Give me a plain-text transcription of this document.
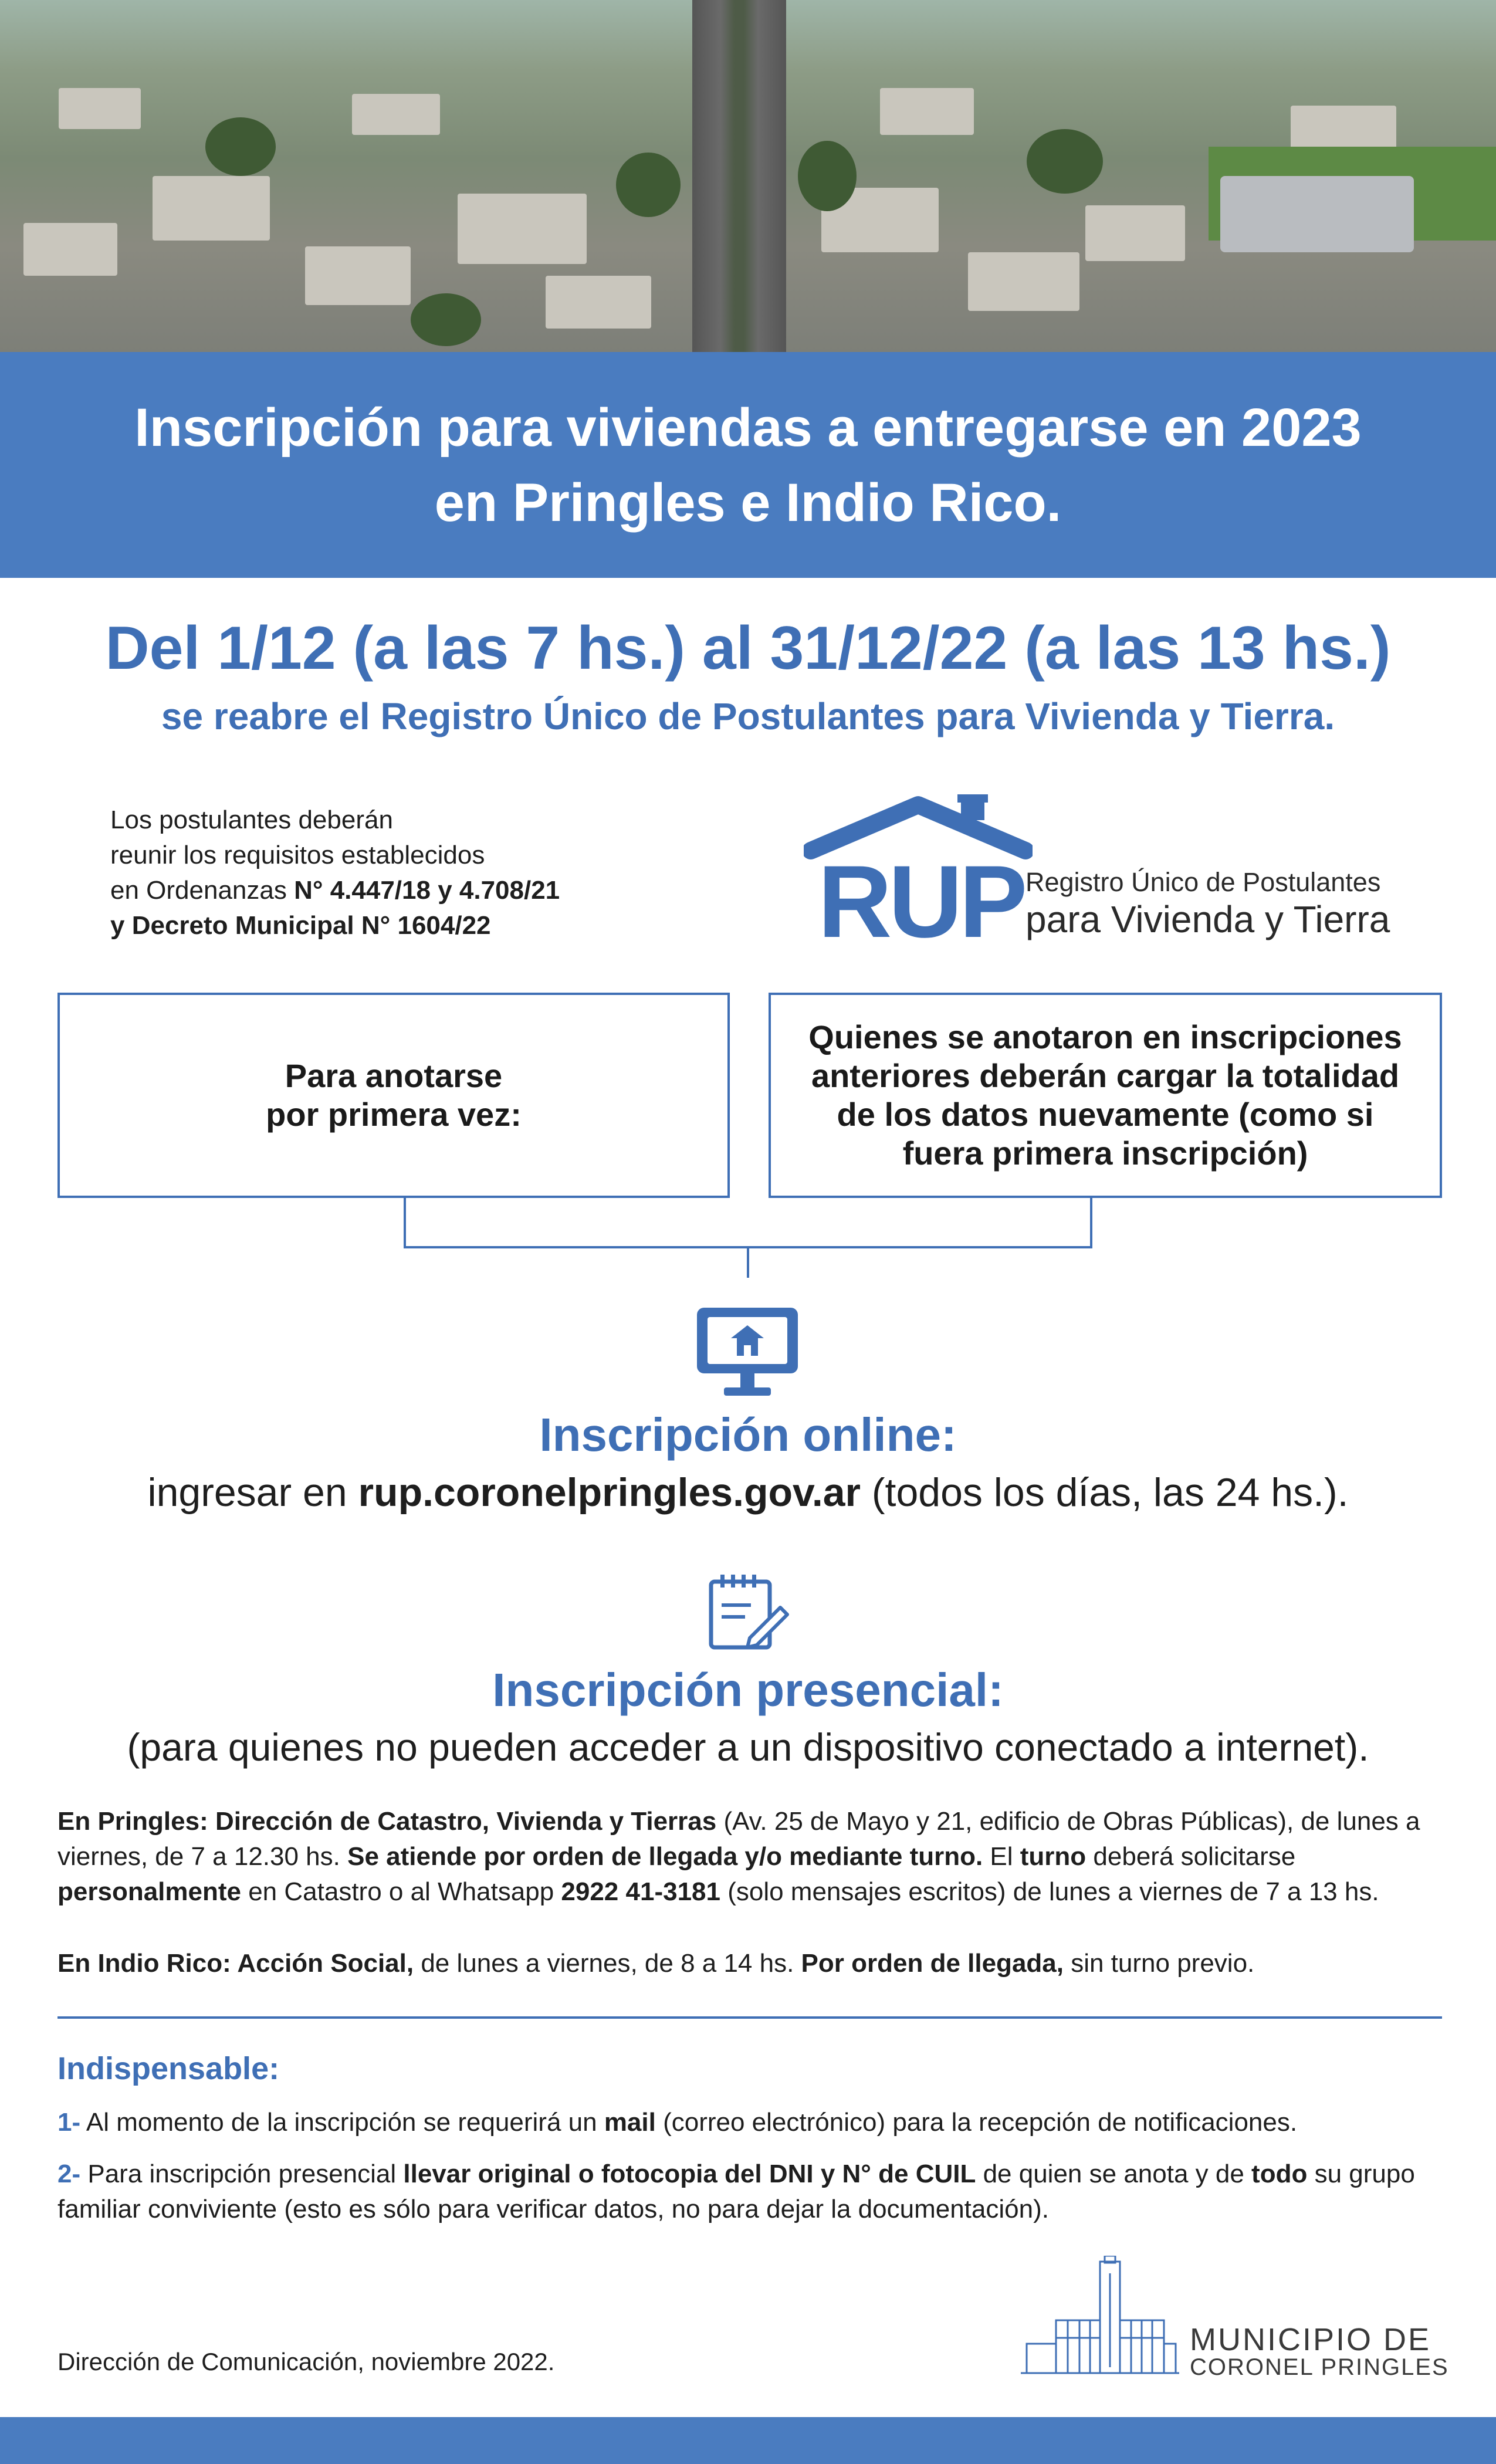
Inscripción para viviendas a entregarse en 2023
en Pringles e Indio Rico.
Del 1/12 (a las 7 hs.) al 31/12/22 (a las 13 hs.)
se reabre el Registro Único de Postulantes para Vivienda y Tierra.
Los postulantes deberán
reunir los requisitos establecidos
en Ordenanzas N° 4.447/18 y 4.708/21
y Decreto Municipal N° 1604/22	RUP Registro Único de Postulantes
para Vivienda y Tierra
Para anotarse
por primera vez:
Quienes se anotaron en inscripciones anteriores deberán cargar la totalidad de los datos nuevamente (como si fuera primera inscripción)
Inscripción online:
ingresar en rup.coronelpringles.gov.ar (todos los días, las 24 hs.).
Inscripción presencial:
(para quienes no pueden acceder a un dispositivo conectado a internet).
En Pringles: Dirección de Catastro, Vivienda y Tierras (Av. 25 de Mayo y 21, edificio de Obras Públicas), de lunes a viernes, de 7 a 12.30 hs. Se atiende por orden de llegada y/o mediante turno. El turno deberá solicitarse personalmente en Catastro o al Whatsapp 2922 41-3181 (solo mensajes escritos) de lunes a viernes de 7 a 13 hs.
En Indio Rico: Acción Social, de lunes a viernes, de 8 a 14 hs. Por orden de llegada, sin turno previo.
Indispensable:
1- Al momento de la inscripción se requerirá un mail (correo electrónico) para la recepción de notificaciones.
2- Para inscripción presencial llevar original o fotocopia del DNI y N° de CUIL de quien se anota y de todo su grupo familiar conviviente (esto es sólo para verificar datos, no para dejar la documentación).
Dirección de Comunicación, noviembre 2022.
MUNICIPIO DE
CORONEL PRINGLES
